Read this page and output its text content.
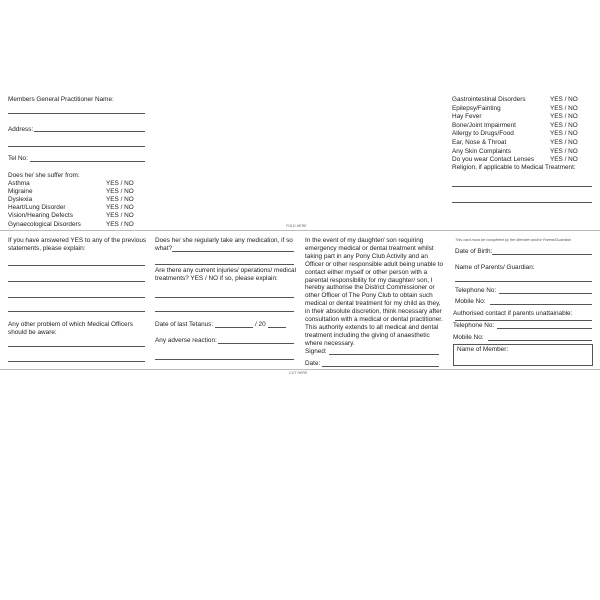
Members General Practitioner Name:
Address:
Tel No:
Does he/ she suffer from:
Asthma	YES / NO
Migraine	YES / NO
Dyslexia	YES / NO
Heart/Lung Disorder	YES / NO
Vision/Hearing Defects	YES / NO
Gynaecological Disorders	YES / NO
Gastrointestinal Disorders	YES / NO
Epilepsy/Fainting	YES / NO
Hay Fever	YES / NO
Bone/Joint Impairment	YES / NO
Allergy to Drugs/Food	YES / NO
Ear, Nose & Throat	YES / NO
Any Skin Complaints	YES / NO
Do you wear Contact Lenses YES / NO
Religion, if applicable to Medical Treatment:
FOLD HERE
If you have answered YES to any of the previous
statements, please explain:
Any other problem of which Medical Officers
should be aware:
Does he/ she regularly take any medication, if so
what?
Are there any current injuries/ operations/ medical
treatments? YES / NO if so, please explain:
Date of last Tetanus:	/ 20
Any adverse reaction:
In the event of my daughter/ son requiring
emergency medical or dental treatment whilst
taking part in any Pony Club Activity and an
Officer or other responsible adult being unable to
contact either myself or other person with a
parental responsibility for my daughter/ son, I
hereby authorise the District Commissioner or
other Officer of The Pony Club to obtain such
medical or dental treatment for my child as they,
in their absolute discretion, think necessary after
consultation with a medical or dental practitioner.
This authority extends to all medical and dental
treatment including the giving of anaesthetic
where necessary.
Signed:
Date:
This card must be completed by the Member and/or Parent/Guardian
Date of Birth:
Name of Parents/ Guardian:
Telephone No:
Mobile No:
Authorised contact if parents unattainable:
Telephone No:
Mobile No:
Name of Member:
CUT HERE
